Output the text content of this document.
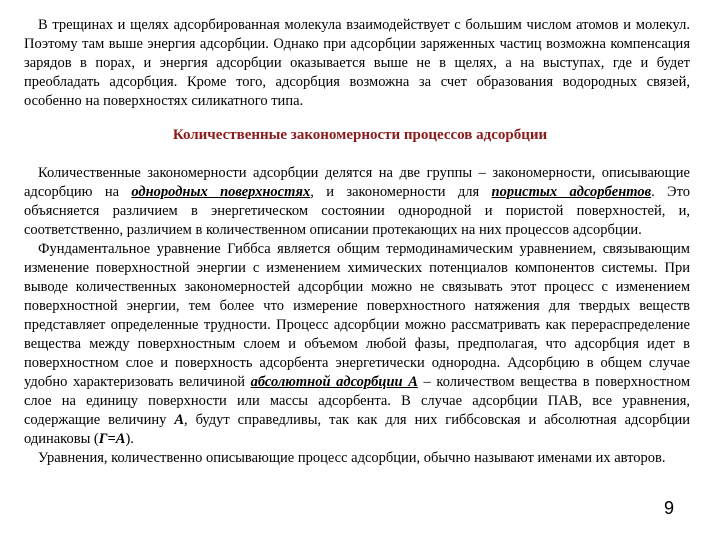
В трещинах и щелях адсорбированная молекула взаимодействует с большим числом атомов и молекул. Поэтому там выше энергия адсорбции. Однако при адсорбции заряженных частиц возможна компенсация зарядов в порах, и энергия адсорбции оказывается выше не в щелях, а на выступах, где и будет преобладать адсорбция. Кроме того, адсорбция возможна за счет образования водородных связей, особенно на поверхностях силикатного типа.

Количественные закономерности процессов адсорбции
Количественные закономерности адсорбции делятся на две группы – закономерности, описывающие адсорбцию на однородных поверхностях, и закономерности для пористых адсорбентов. Это объясняется различием в энергетическом состоянии однородной и пористой поверхностей, и, соответственно, различием в количественном описании протекающих на них процессов адсорбции.
Фундаментальное уравнение Гиббса является общим термодинамическим уравнением, связывающим изменение поверхностной энергии с изменением химических потенциалов компонентов системы. При выводе количественных закономерностей адсорбции можно не связывать этот процесс с изменением поверхностной энергии, тем более что измерение поверхностного натяжения для твердых веществ представляет определенные трудности. Процесс адсорбции можно рассматривать как перераспределение вещества между поверхностным слоем и объемом любой фазы, предполагая, что адсорбция идет в поверхностном слое и поверхность адсорбента энергетически однородна. Адсорбцию в общем случае удобно характеризовать величиной абсолютной адсорбции А – количеством вещества в поверхностном слое на единицу поверхности или массы адсорбента. В случае адсорбции ПАВ, все уравнения, содержащие величину А, будут справедливы, так как для них гиббсовская и абсолютная адсорбции одинаковы (Г=А).
Уравнения, количественно описывающие процесс адсорбции, обычно называют именами их авторов.
9
